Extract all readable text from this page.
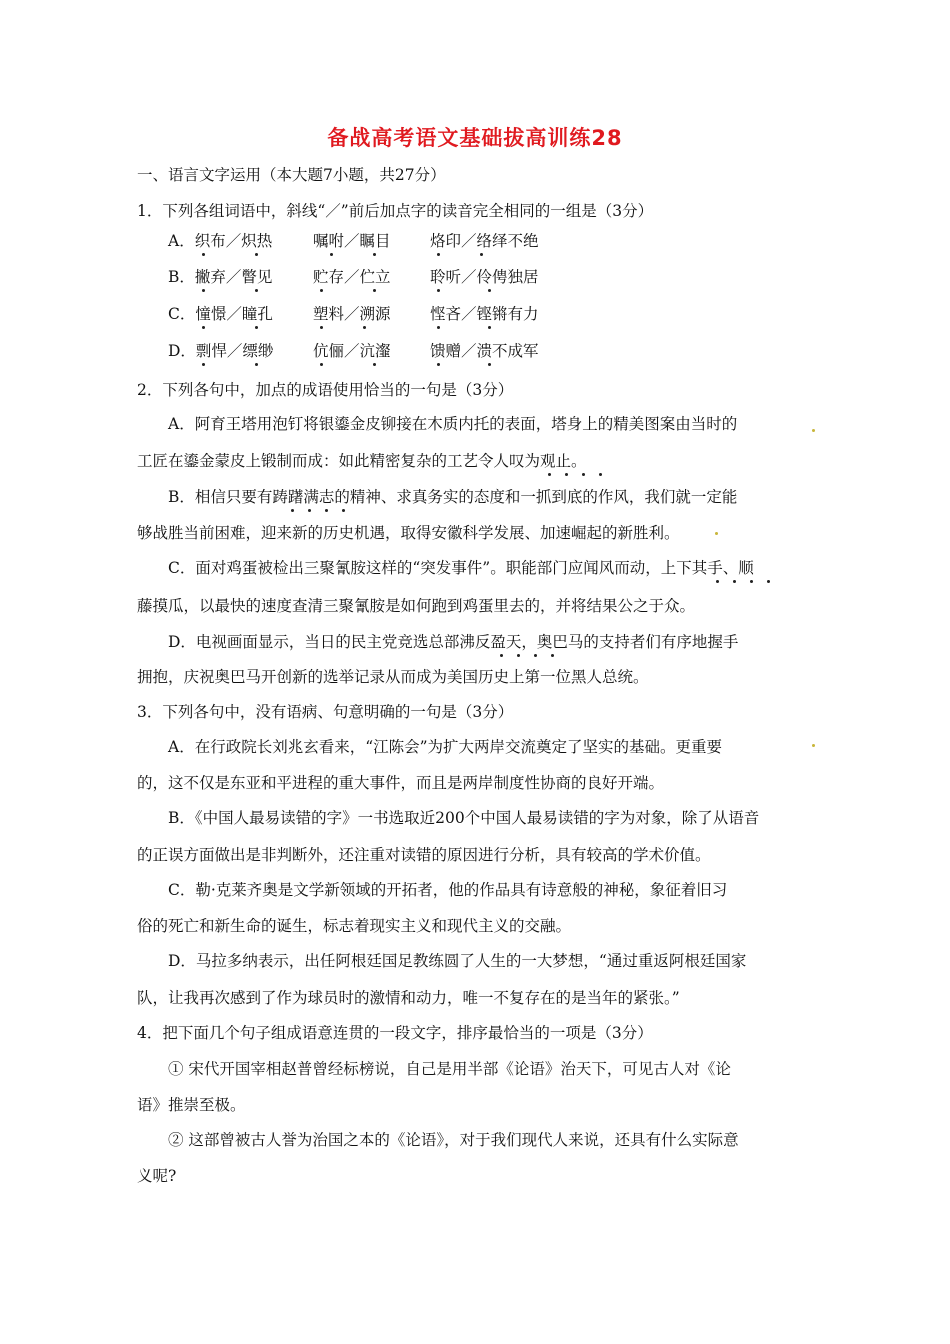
备战高考语文基础拔高训练28
一、语言文字运用（本大题7小题，共27分）
1．下列各组词语中，斜线“／”前后加点字的读音完全相同的一组是（3分）
A．织布／炽热	嘱咐／瞩目	烙印／络绎不绝
B．撇弃／瞥见	贮存／伫立	聆听／伶俜独居
C．憧憬／瞳孔	塑料／溯源	悭吝／铿锵有力
D．剽悍／缥缈	伉俪／沆瀣	馈赠／溃不成军
2．下列各句中，加点的成语使用恰当的一句是（3分）
A．阿育王塔用泡钉将银鎏金皮铆接在木质内托的表面，塔身上的精美图案由当时的
工匠在鎏金蒙皮上锻制而成：如此精密复杂的工艺令人叹为观止。
B．相信只要有踌躇满志的精神、求真务实的态度和一抓到底的作风，我们就一定能
够战胜当前困难，迎来新的历史机遇，取得安徽科学发展、加速崛起的新胜利。
C．面对鸡蛋被检出三聚氰胺这样的“突发事件”。职能部门应闻风而动，上下其手、顺
藤摸瓜，以最快的速度查清三聚氰胺是如何跑到鸡蛋里去的，并将结果公之于众。
D．电视画面显示，当日的民主党竞选总部沸反盈天，奥巴马的支持者们有序地握手
拥抱，庆祝奥巴马开创新的选举记录从而成为美国历史上第一位黑人总统。
3．下列各句中，没有语病、句意明确的一句是（3分）
A．在行政院长刘兆玄看来，“江陈会”为扩大两岸交流奠定了坚实的基础。更重要
的，这不仅是东亚和平进程的重大事件，而且是两岸制度性协商的良好开端。
B．《中国人最易读错的字》一书选取近200个中国人最易读错的字为对象，除了从语音
的正误方面做出是非判断外，还注重对读错的原因进行分析，具有较高的学术价值。
C．勒·克莱齐奥是文学新领域的开拓者，他的作品具有诗意般的神秘，象征着旧习
俗的死亡和新生命的诞生，标志着现实主义和现代主义的交融。
D．马拉多纳表示，出任阿根廷国足教练圆了人生的一大梦想，“通过重返阿根廷国家
队，让我再次感到了作为球员时的激情和动力，唯一不复存在的是当年的紧张。”
4．把下面几个句子组成语意连贯的一段文字，排序最恰当的一项是（3分）
① 宋代开国宰相赵普曾经标榜说，自己是用半部《论语》治天下，可见古人对《论
语》推崇至极。
② 这部曾被古人誉为治国之本的《论语》，对于我们现代人来说，还具有什么实际意
义呢?
